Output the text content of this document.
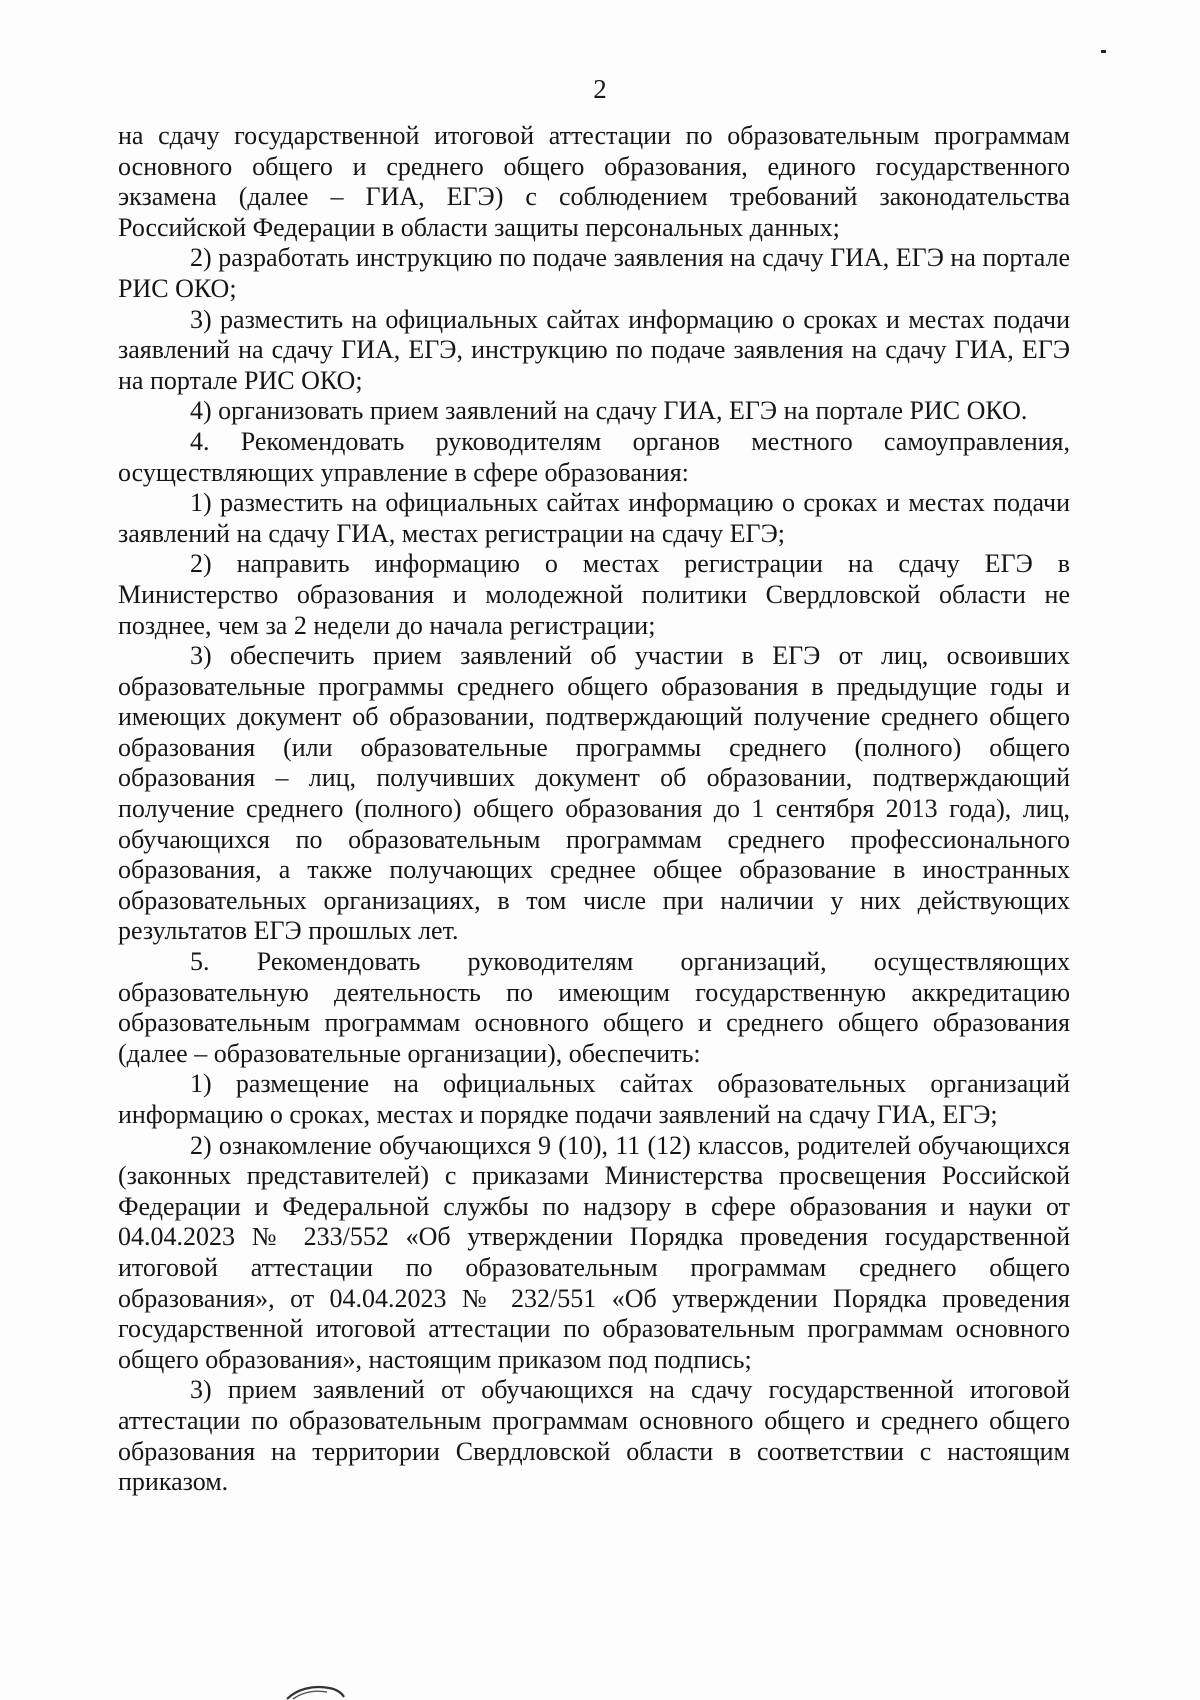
2

на сдачу государственной итоговой аттестации по образовательным программам основного общего и среднего общего образования, единого государственного экзамена (далее – ГИА, ЕГЭ) с соблюдением требований законодательства Российской Федерации в области защиты персональных данных;

2) разработать инструкцию по подаче заявления на сдачу ГИА, ЕГЭ на портале РИС ОКО;

3) разместить на официальных сайтах информацию о сроках и местах подачи заявлений на сдачу ГИА, ЕГЭ, инструкцию по подаче заявления на сдачу ГИА, ЕГЭ на портале РИС ОКО;

4) организовать прием заявлений на сдачу ГИА, ЕГЭ на портале РИС ОКО.

4. Рекомендовать руководителям органов местного самоуправления, осуществляющих управление в сфере образования:

1) разместить на официальных сайтах информацию о сроках и местах подачи заявлений на сдачу ГИА, местах регистрации на сдачу ЕГЭ;

2) направить информацию о местах регистрации на сдачу ЕГЭ в Министерство образования и молодежной политики Свердловской области не позднее, чем за 2 недели до начала регистрации;

3) обеспечить прием заявлений об участии в ЕГЭ от лиц, освоивших образовательные программы среднего общего образования в предыдущие годы и имеющих документ об образовании, подтверждающий получение среднего общего образования (или образовательные программы среднего (полного) общего образования – лиц, получивших документ об образовании, подтверждающий получение среднего (полного) общего образования до 1 сентября 2013 года), лиц, обучающихся по образовательным программам среднего профессионального образования, а также получающих среднее общее образование в иностранных образовательных организациях, в том числе при наличии у них действующих результатов ЕГЭ прошлых лет.

5. Рекомендовать руководителям организаций, осуществляющих образовательную деятельность по имеющим государственную аккредитацию образовательным программам основного общего и среднего общего образования (далее – образовательные организации), обеспечить:

1) размещение на официальных сайтах образовательных организаций информацию о сроках, местах и порядке подачи заявлений на сдачу ГИА, ЕГЭ;

2) ознакомление обучающихся 9 (10), 11 (12) классов, родителей обучающихся (законных представителей) с приказами Министерства просвещения Российской Федерации и Федеральной службы по надзору в сфере образования и науки от 04.04.2023 № 233/552 «Об утверждении Порядка проведения государственной итоговой аттестации по образовательным программам среднего общего образования», от 04.04.2023 № 232/551 «Об утверждении Порядка проведения государственной итоговой аттестации по образовательным программам основного общего образования», настоящим приказом под подпись;

3) прием заявлений от обучающихся на сдачу государственной итоговой аттестации по образовательным программам основного общего и среднего общего образования на территории Свердловской области в соответствии с настоящим приказом.
